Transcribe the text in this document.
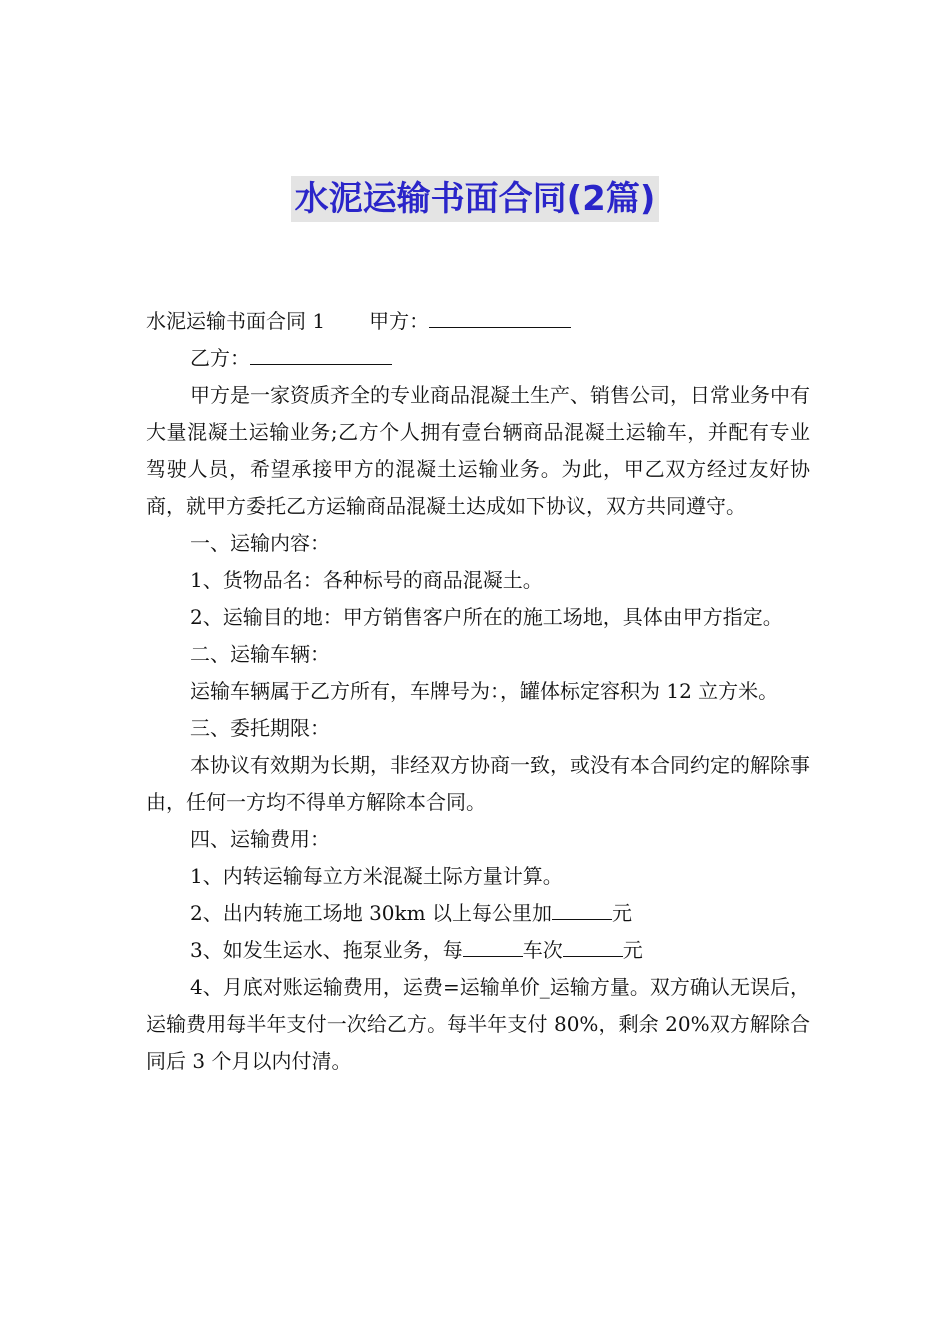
水泥运输书面合同(2篇)

水泥运输书面合同 1 甲方：

乙方：

甲方是一家资质齐全的专业商品混凝土生产、销售公司，日常业务中有大量混凝土运输业务;乙方个人拥有壹台辆商品混凝土运输车，并配有专业驾驶人员，希望承接甲方的混凝土运输业务。为此，甲乙双方经过友好协商，就甲方委托乙方运输商品混凝土达成如下协议，双方共同遵守。

一、运输内容：

1、货物品名：各种标号的商品混凝土。

2、运输目的地：甲方销售客户所在的施工场地，具体由甲方指定。

二、运输车辆：

运输车辆属于乙方所有，车牌号为：，罐体标定容积为 12 立方米。

三、委托期限：

本协议有效期为长期，非经双方协商一致，或没有本合同约定的解除事由，任何一方均不得单方解除本合同。

四、运输费用：

1、内转运输每立方米混凝土际方量计算。

2、出内转施工场地 30km 以上每公里加	元

3、如发生运水、拖泵业务，每	车次	元

4、月底对账运输费用，运费=运输单价_运输方量。双方确认无误后，运输费用每半年支付一次给乙方。每半年支付 80%，剩余 20%双方解除合同后 3 个月以内付清。
